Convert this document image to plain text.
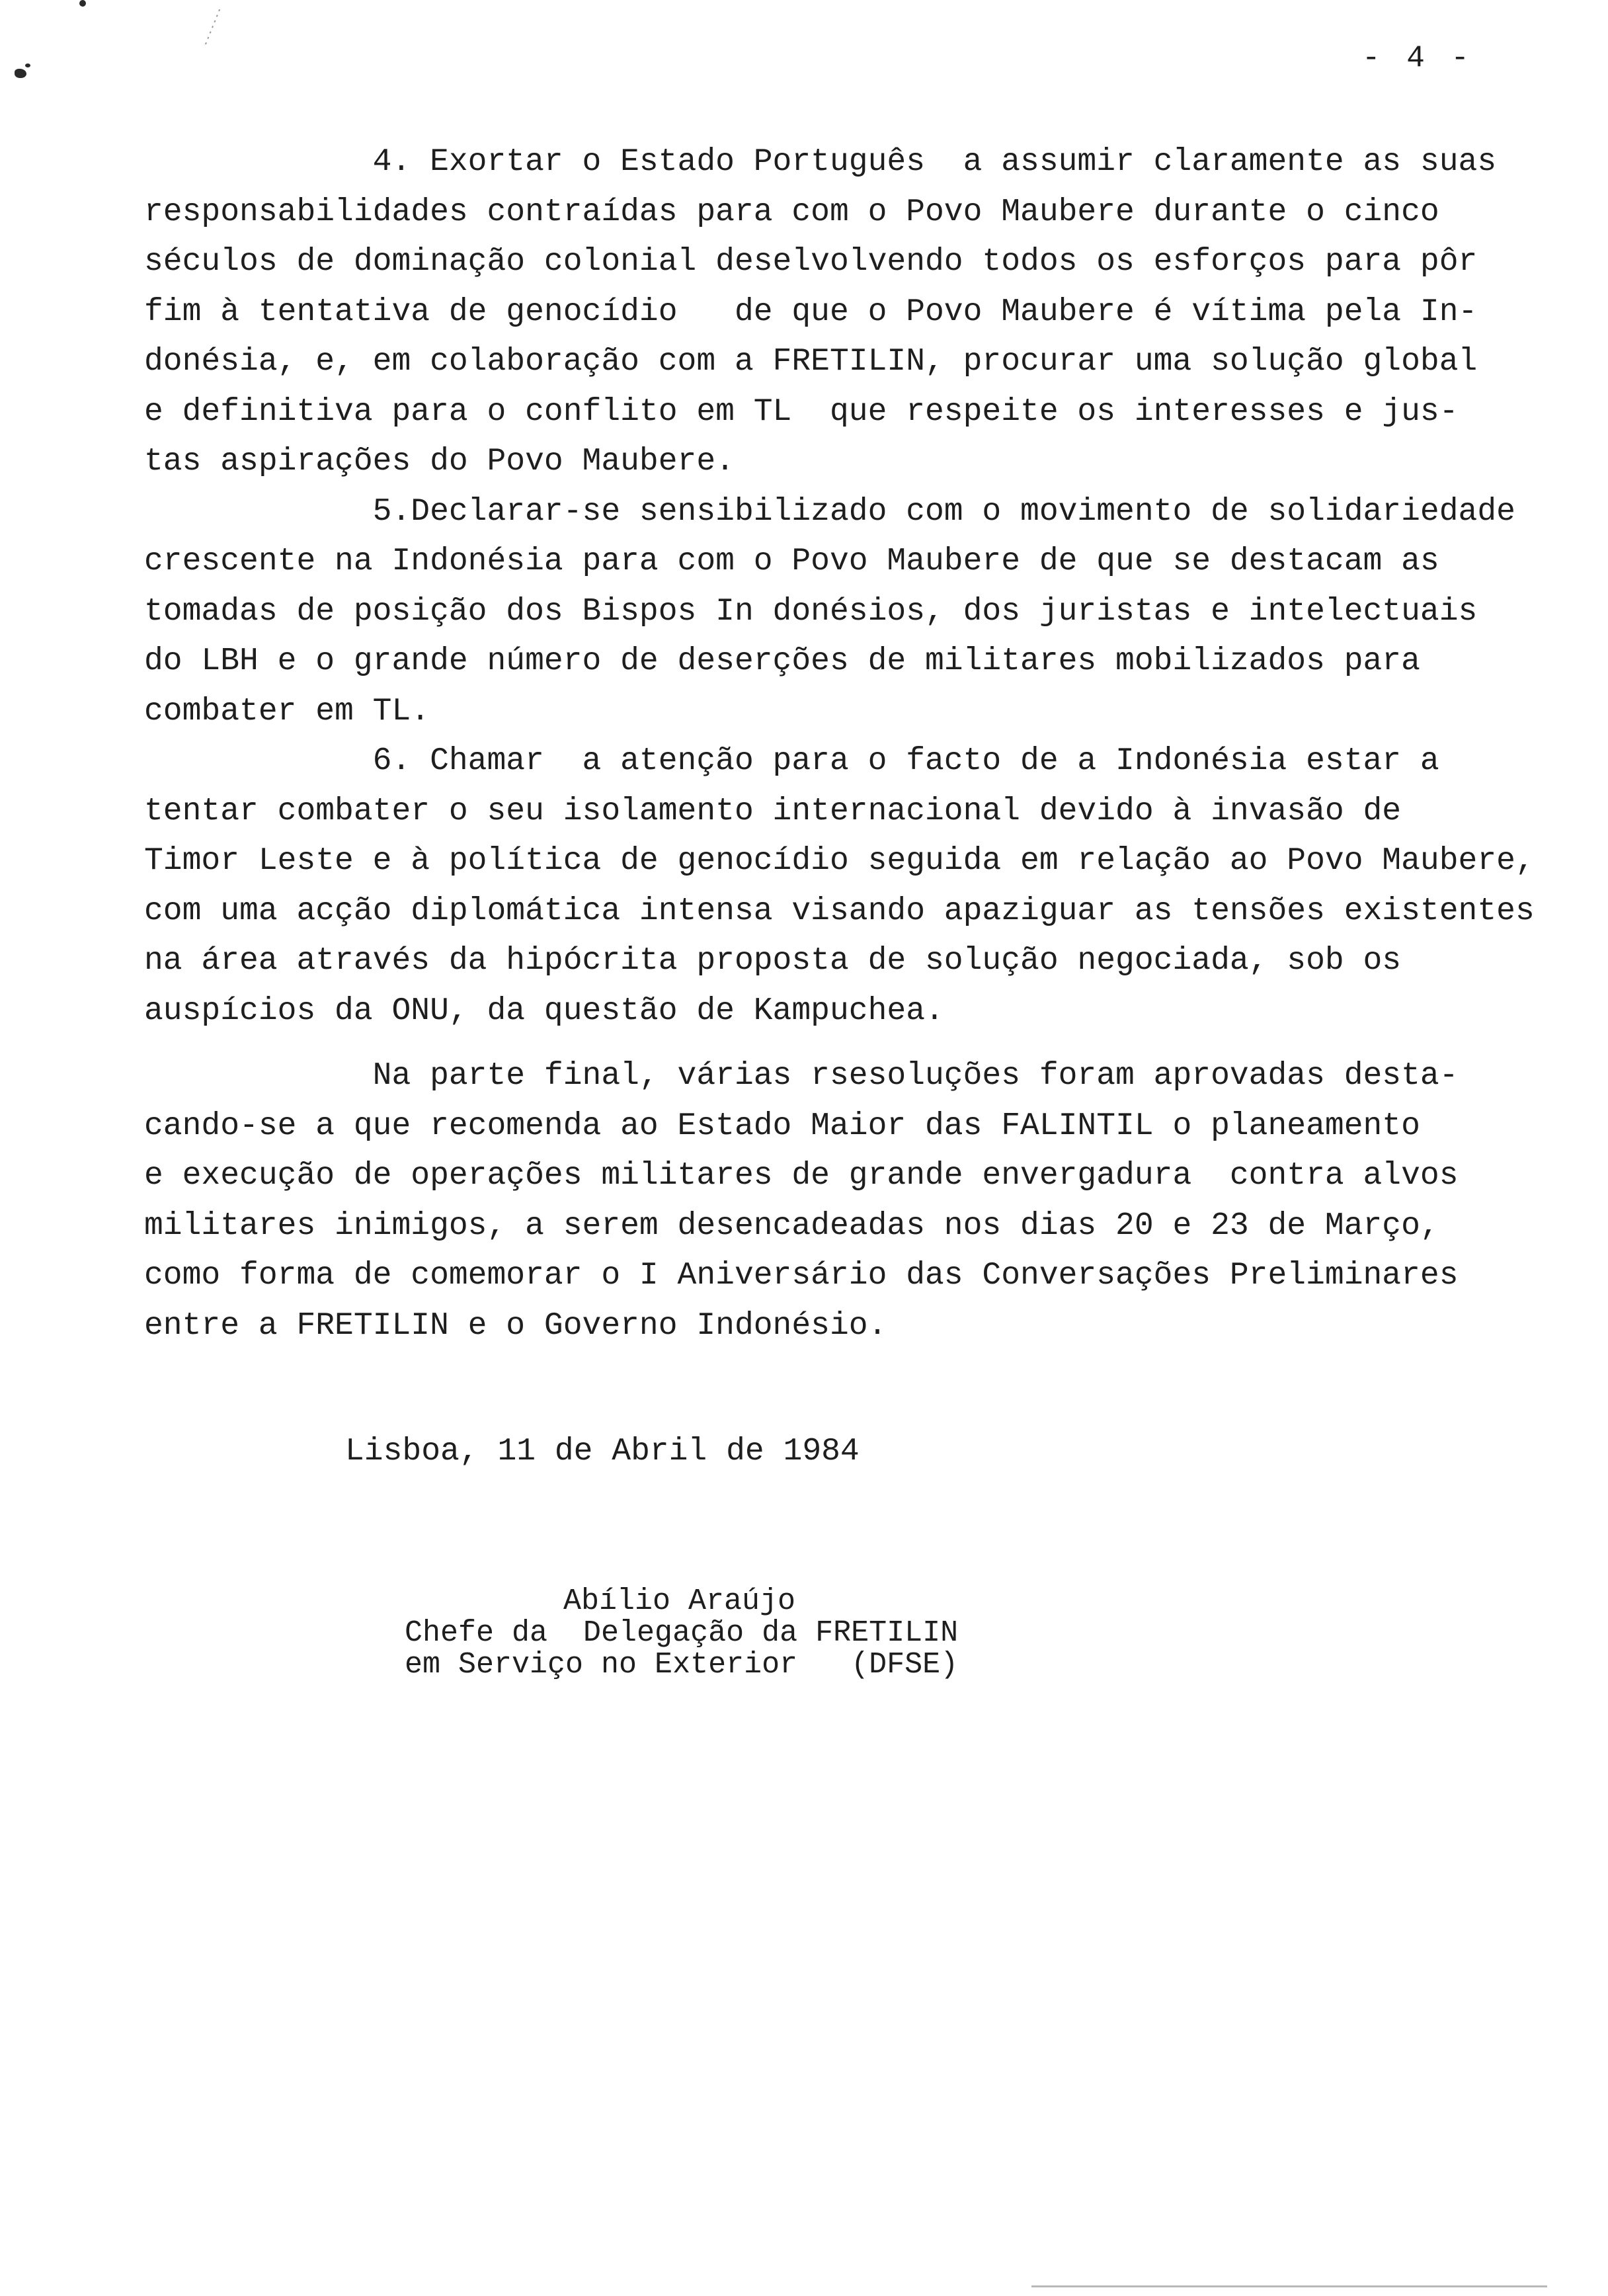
- 4 -

4. Exortar o Estado Português  a assumir claramente as suas
responsabilidades contraídas para com o Povo Maubere durante o cinco
séculos de dominação colonial deselvolvendo todos os esforços para pôr
fim à tentativa de genocídio   de que o Povo Maubere é vítima pela In-
donésia, e, em colaboração com a FRETILIN, procurar uma solução global
e definitiva para o conflito em TL  que respeite os interesses e jus-
tas aspirações do Povo Maubere.

5.Declarar-se sensibilizado com o movimento de solidariedade
crescente na Indonésia para com o Povo Maubere de que se destacam as
tomadas de posição dos Bispos In donésios, dos juristas e intelectuais
do LBH e o grande número de deserções de militares mobilizados para
combater em TL.

6. Chamar  a atenção para o facto de a Indonésia estar a
tentar combater o seu isolamento internacional devido à invasão de
Timor Leste e à política de genocídio seguida em relação ao Povo Maubere,
com uma acção diplomática intensa visando apaziguar as tensões existentes
na área através da hipócrita proposta de solução negociada, sob os
auspícios da ONU, da questão de Kampuchea.

Na parte final, várias rsesoluções foram aprovadas desta-
cando-se a que recomenda ao Estado Maior das FALINTIL o planeamento
e execução de operações militares de grande envergadura  contra alvos
militares inimigos, a serem desencadeadas nos dias 20 e 23 de Março,
como forma de comemorar o I Aniversário das Conversações Preliminares
entre a FRETILIN e o Governo Indonésio.

Lisboa, 11 de Abril de 1984
Abílio Araújo
Chefe da  Delegação da FRETILIN
em Serviço no Exterior   (DFSE)
